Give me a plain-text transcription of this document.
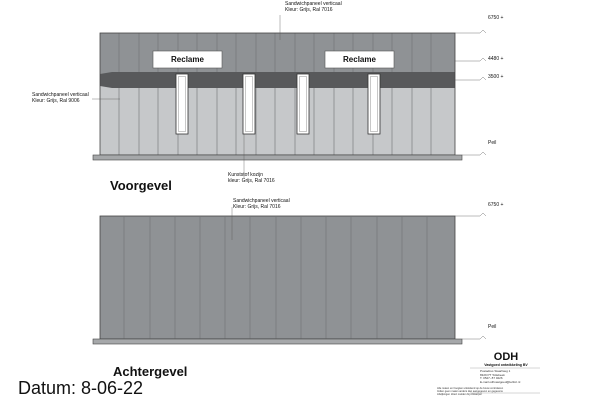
Sandwichpaneel verticaal
Kleur: Grijs, Ral 7016
Sandwichpaneel verticaal
Kleur: Grijs, Ral 9006
Reclame	Reclame
6750 +
4480 +
3500 +
Peil
Voorgevel
Kunststof kozijn
kleur: Grijs, Ral 7016
Sandwichpaneel verticaal
Kleur: Grijs, Ral 7016	6750 +
Peil
Achtergevel
Datum: 8-06-22
ODH
Vastgoed ontwikkeling BV
Postadres Staarfweg 1
8329 PT Tollebeek
T. 0527- 87 0226
E-mail odhvastgoed@telfort.nl
Alle maten en hoogten uitsluitend op de bouw controleren
Indien geen maten anders dan aangegeven en gegevens
Afwijkingen direct melden bij ontwerper
